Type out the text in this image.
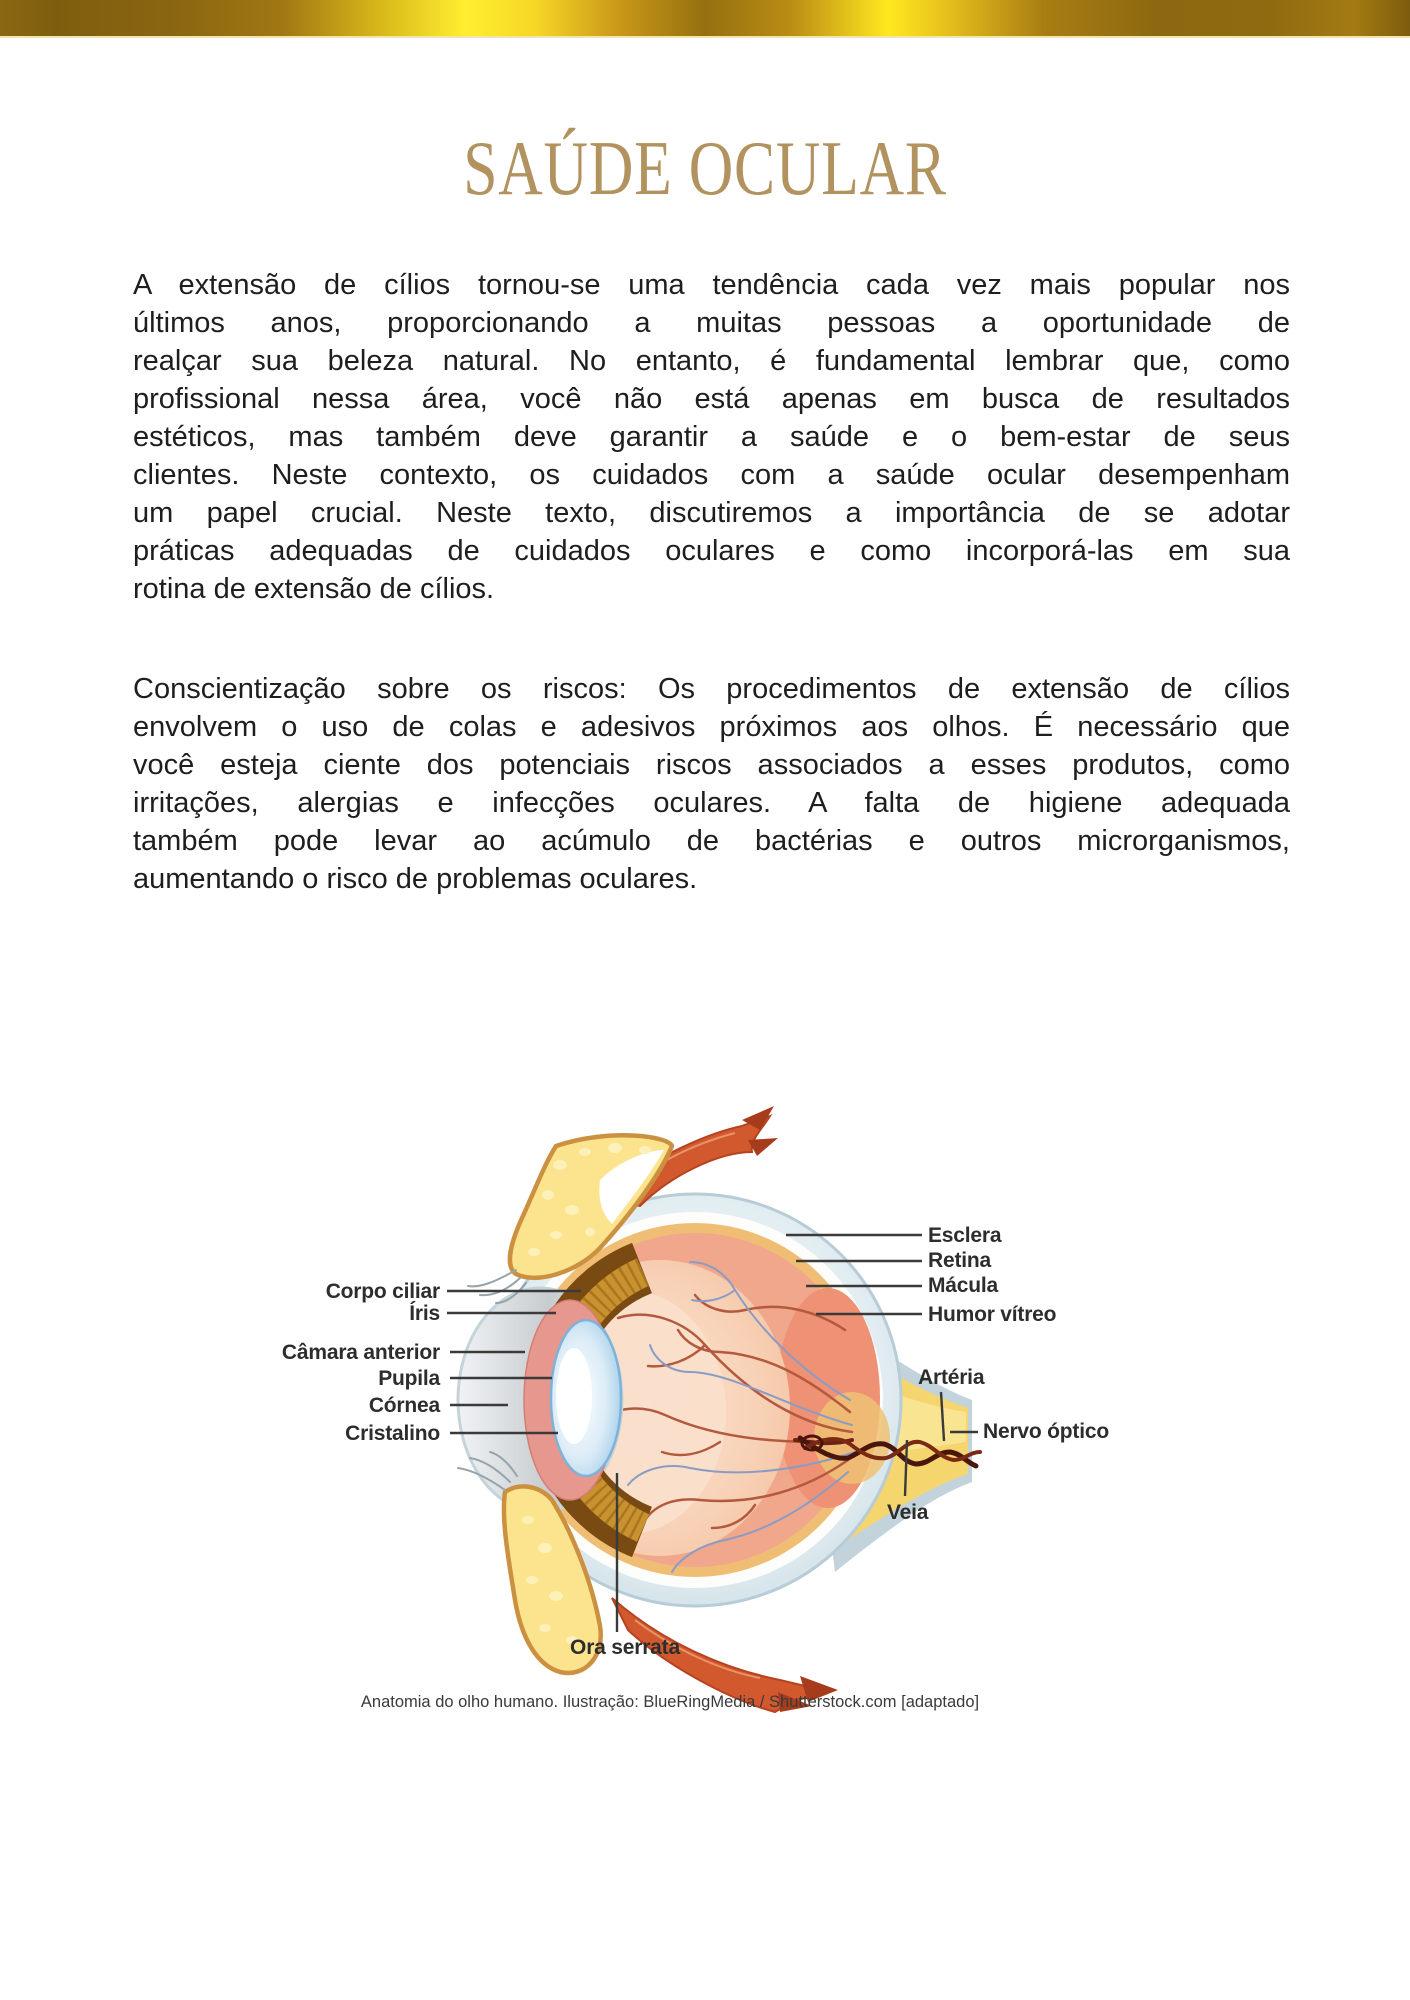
SAÚDE OCULAR
A extensão de cílios tornou-se uma tendência cada vez mais popular nos
últimos anos, proporcionando a muitas pessoas a oportunidade de
realçar sua beleza natural. No entanto, é fundamental lembrar que, como
profissional nessa área, você não está apenas em busca de resultados
estéticos, mas também deve garantir a saúde e o bem-estar de seus
clientes. Neste contexto, os cuidados com a saúde ocular desempenham
um papel crucial. Neste texto, discutiremos a importância de se adotar
práticas adequadas de cuidados oculares e como incorporá-las em sua
rotina de extensão de cílios.
Conscientização sobre os riscos: Os procedimentos de extensão de cílios
envolvem o uso de colas e adesivos próximos aos olhos. É necessário que
você esteja ciente dos potenciais riscos associados a esses produtos, como
irritações, alergias e infecções oculares. A falta de higiene adequada
também pode levar ao acúmulo de bactérias e outros microrganismos,
aumentando o risco de problemas oculares.
Corpo ciliar
Íris
Câmara anterior
Pupila
Córnea
Cristalino
Esclera
Retina
Mácula
Humor vítreo
Artéria
Nervo óptico
Veia
Ora serrata
Anatomia do olho humano. Ilustração: BlueRingMedia / Shutterstock.com [adaptado]
